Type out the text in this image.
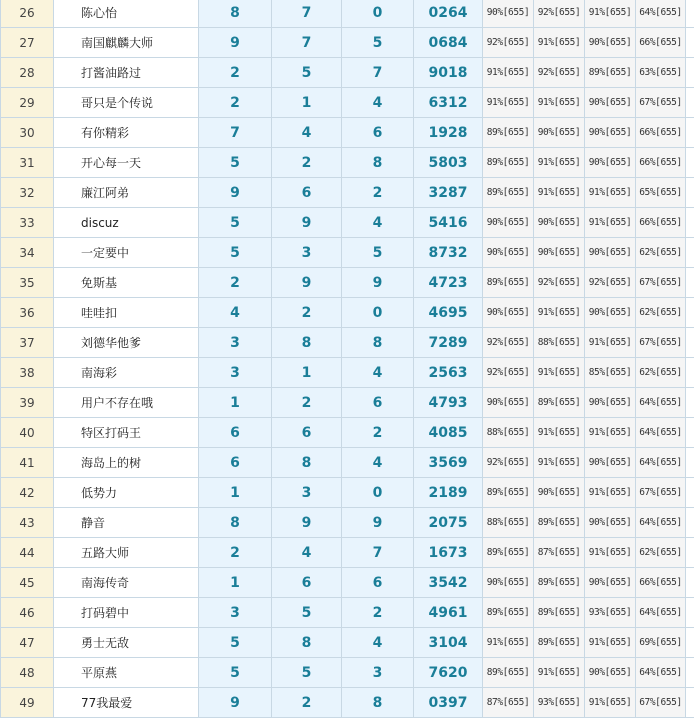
26	陈心怡	8	7	0	0264	90%[655] 92%[655] 91%[655] 64%[655]
27	南国麒麟大师	9	7	5	0684	92%[655] 91%[655] 90%[655] 66%[655]
28	打酱油路过	2	5	7	9018	91%[655] 92%[655] 89%[655] 63%[655]
29	哥只是个传说	2	1	4	6312	91%[655] 91%[655] 90%[655] 67%[655]
30	有你精彩	7	4	6	1928	89%[655] 90%[655] 90%[655] 66%[655]
31	开心每一天	5	2	8	5803	89%[655] 91%[655] 90%[655] 66%[655]
32	廉江阿弟	9	6	2	3287	89%[655] 91%[655] 91%[655] 65%[655]
33	discuz	5	9	4	5416	90%[655] 90%[655] 91%[655] 66%[655]
34	一定要中	5	3	5	8732	90%[655] 90%[655] 90%[655] 62%[655]
35	免斯基	2	9	9	4723	89%[655] 92%[655] 92%[655] 67%[655]
36	哇哇扣	4	2	0	4695	90%[655] 91%[655] 90%[655] 62%[655]
37	刘德华他爹	3	8	8	7289	92%[655] 88%[655] 91%[655] 67%[655]
38	南海彩	3	1	4	2563	92%[655] 91%[655] 85%[655] 62%[655]
39	用户不存在哦	1	2	6	4793	90%[655] 89%[655] 90%[655] 64%[655]
40	特区打码王	6	6	2	4085	88%[655] 91%[655] 91%[655] 64%[655]
41	海岛上的树	6	8	4	3569	92%[655] 91%[655] 90%[655] 64%[655]
42	低势力	1	3	0	2189	89%[655] 90%[655] 91%[655] 67%[655]
43	静音	8	9	9	2075	88%[655] 89%[655] 90%[655] 64%[655]
44	五路大师	2	4	7	1673	89%[655] 87%[655] 91%[655] 62%[655]
45	南海传奇	1	6	6	3542	90%[655] 89%[655] 90%[655] 66%[655]
46	打码碧中	3	5	2	4961	89%[655] 89%[655] 93%[655] 64%[655]
47	勇士无敌	5	8	4	3104	91%[655] 89%[655] 91%[655] 69%[655]
48	平原燕	5	5	3	7620	89%[655] 91%[655] 90%[655] 64%[655]
49	77我最爱	9	2	8	0397	87%[655] 93%[655] 91%[655] 67%[655]
